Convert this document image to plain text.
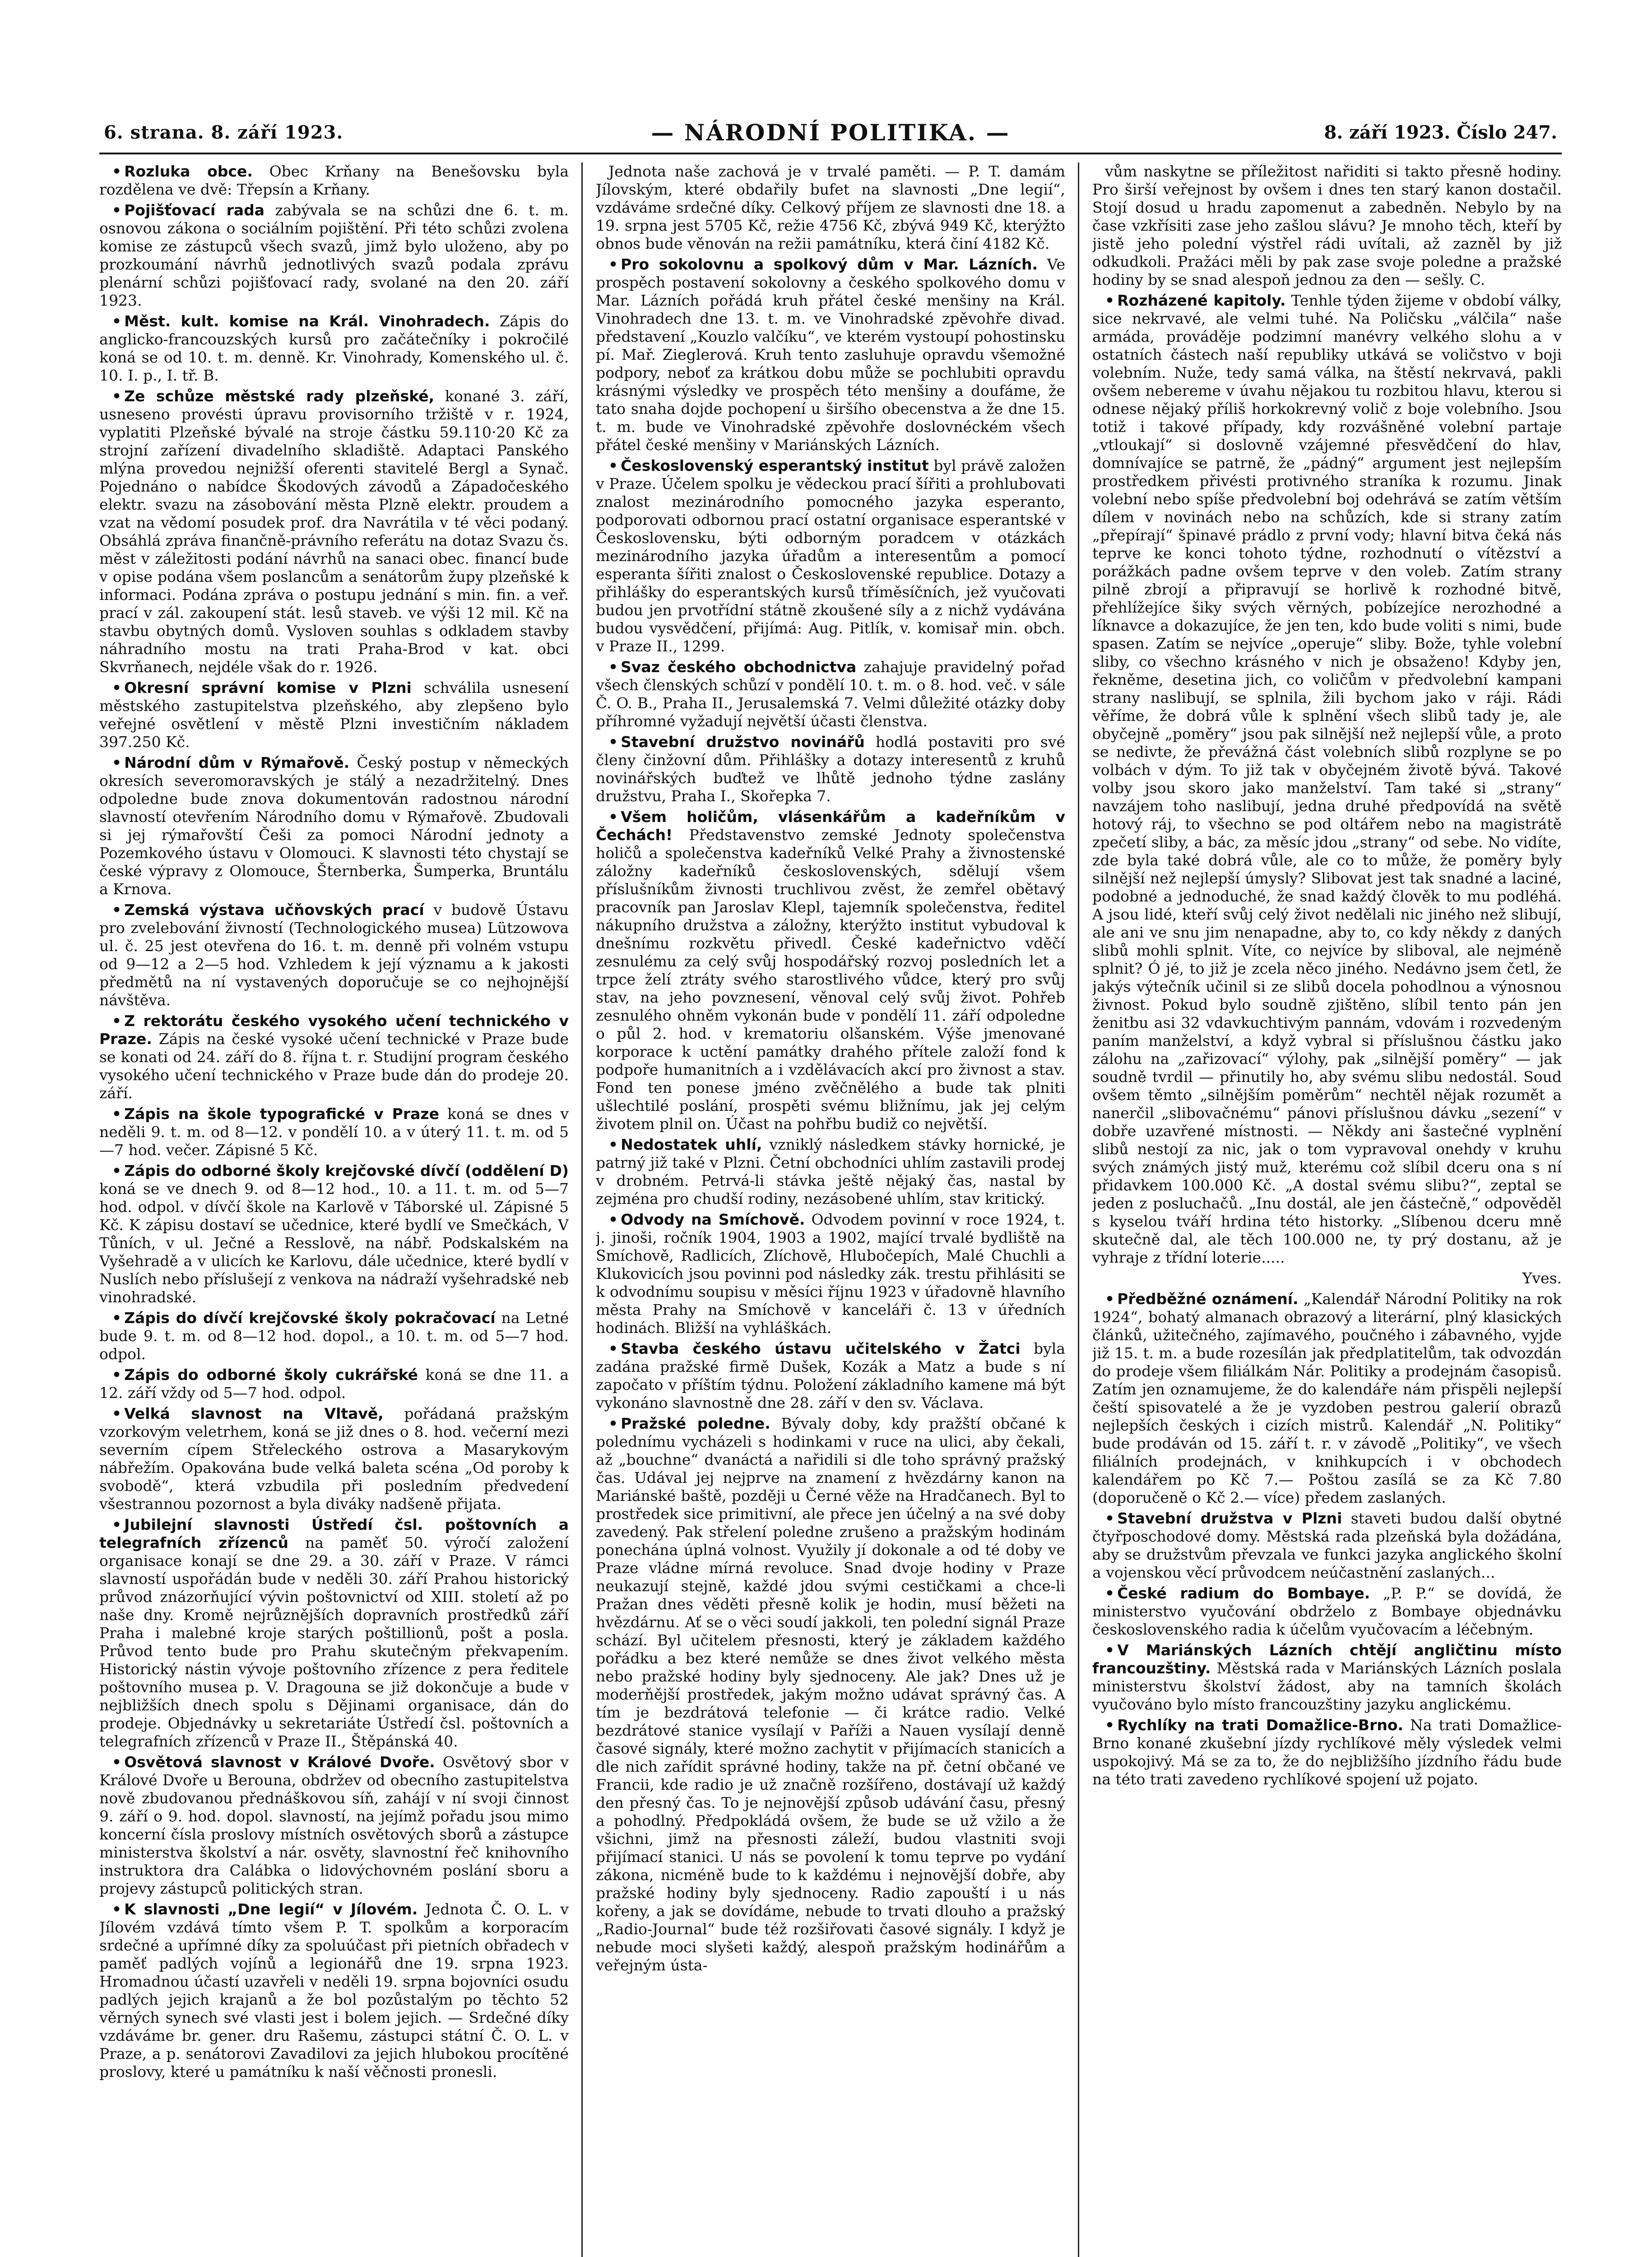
6. strana. 8. září 1923.	— NÁRODNÍ POLITIKA. —	8. září 1923. Číslo 247.

• Rozluka obce. Obec Krňany na Benešovsku byla rozdělena ve dvě: Třepsín a Krňany.

• Pojišťovací rada zabývala se na schůzi dne 6. t. m. osnovou zákona o sociálním pojištění. Při této schůzi zvolena komise ze zástupců všech svazů, jimž bylo uloženo, aby po prozkoumání návrhů jednotlivých svazů podala zprávu plenární schůzi pojišťovací rady, svolané na den 20. září 1923.

• Měst. kult. komise na Král. Vinohradech. Zápis do anglicko-francouzských kursů pro začátečníky i pokročilé koná se od 10. t. m. denně. Kr. Vinohrady, Komenského ul. č. 10. I. p., I. tř. B.

• Ze schůze městské rady plzeňské, konané 3. září, usneseno provésti úpravu provisorního tržiště v r. 1924, vyplatiti Plzeňské bývalé na stroje částku 59.110·20 Kč za strojní zařízení divadelního skladiště. Adaptaci Panského mlýna provedou nejnižší oferenti stavitelé Bergl a Synač. Pojednáno o nabídce Škodových závodů a Západočeského elektr. svazu na zásobování města Plzně elektr. proudem a vzat na vědomí posudek prof. dra Navrátila v té věci podaný. Obsáhlá zpráva finančně-právního referátu na dotaz Svazu čs. měst v záležitosti podání návrhů na sanaci obec. financí bude v opise podána všem poslancům a senátorům župy plzeňské k informaci. Podána zpráva o postupu jednání s min. fin. a veř. prací v zál. zakoupení stát. lesů staveb. ve výši 12 mil. Kč na stavbu obytných domů. Vysloven souhlas s odkladem stavby náhradního mostu na trati Praha-Brod v kat. obci Skvrňanech, nejdéle však do r. 1926.

• Okresní správní komise v Plzni schválila usnesení městského zastupitelstva plzeňského, aby zlepšeno bylo veřejné osvětlení v městě Plzni investičním nákladem 397.250 Kč.

• Národní dům v Rýmařově. Český postup v německých okresích severomoravských je stálý a nezadržitelný. Dnes odpoledne bude znova dokumentován radostnou národní slavností otevřením Národního domu v Rýmařově. Zbudovali si jej rýmařovští Češi za pomoci Národní jednoty a Pozemkového ústavu v Olomouci. K slavnosti této chystají se české výpravy z Olomouce, Šternberka, Šumperka, Bruntálu a Krnova.

• Zemská výstava učňovských prací v budově Ústavu pro zvelebování živností (Technologického musea) Lützowova ul. č. 25 jest otevřena do 16. t. m. denně při volném vstupu od 9—12 a 2—5 hod. Vzhledem k její významu a k jakosti předmětů na ní vystavených doporučuje se co nejhojnější návštěva.

• Z rektorátu českého vysokého učení technického v Praze. Zápis na české vysoké učení technické v Praze bude se konati od 24. září do 8. října t. r. Studijní program českého vysokého učení technického v Praze bude dán do prodeje 20. září.

• Zápis na škole typografické v Praze koná se dnes v neděli 9. t. m. od 8—12. v pondělí 10. a v úterý 11. t. m. od 5—7 hod. večer. Zápisné 5 Kč.

• Zápis do odborné školy krejčovské dívčí (oddělení D) koná se ve dnech 9. od 8—12 hod., 10. a 11. t. m. od 5—7 hod. odpol. v dívčí škole na Karlově v Táborské ul. Zápisné 5 Kč. K zápisu dostaví se učednice, které bydlí ve Smečkách, V Tůních, v ul. Ječné a Resslově, na nábř. Podskalském na Vyšehradě a v ulicích ke Karlovu, dále učednice, které bydlí v Nuslích nebo příslušejí z venkova na nádraží vyšehradské neb vinohradské.

• Zápis do dívčí krejčovské školy pokračovací na Letné bude 9. t. m. od 8—12 hod. dopol., a 10. t. m. od 5—7 hod. odpol.

• Zápis do odborné školy cukrářské koná se dne 11. a 12. září vždy od 5—7 hod. odpol.

• Velká slavnost na Vltavě, pořádaná pražským vzorkovým veletrhem, koná se již dnes o 8. hod. večerní mezi severním cípem Střeleckého ostrova a Masarykovým nábřežím. Opakována bude velká baleta scéna „Od poroby k svobodě“, která vzbudila při posledním předvedení všestrannou pozornost a byla diváky nadšeně přijata.

• Jubilejní slavnosti Ústředí čsl. poštovních a telegrafních zřízenců na paměť 50. výročí založení organisace konají se dne 29. a 30. září v Praze. V rámci slavností uspořádán bude v neděli 30. září Prahou historický průvod znázorňující vývin poštovnictví od XIII. století až po naše dny. Kromě nejrůznějších dopravních prostředků září Praha i malebné kroje starých poštillionů, pošt a posla. Průvod tento bude pro Prahu skutečným překvapením. Historický nástin vývoje poštovního zřízence z pera ředitele poštovního musea p. V. Dragouna se již dokončuje a bude v nejbližších dnech spolu s Dějinami organisace, dán do prodeje. Objednávky u sekretariáte Ústředí čsl. poštovních a telegrafních zřízenců v Praze II., Štěpánská 40.

• Osvětová slavnost v Králové Dvoře. Osvětový sbor v Králové Dvoře u Berouna, obdržev od obecního zastupitelstva nově zbudovanou přednáškovou síň, zahájí v ní svoji činnost 9. září o 9. hod. dopol. slavností, na jejímž pořadu jsou mimo koncerní čísla proslovy místních osvětových sborů a zástupce ministerstva školství a nár. osvěty, slavnostní řeč knihovního instruktora dra Calábka o lidovýchovném poslání sboru a projevy zástupců politických stran.

• K slavnosti „Dne legií“ v Jílovém. Jednota Č. O. L. v Jílovém vzdává tímto všem P. T. spolkům a korporacím srdečné a upřímné díky za spoluúčast při pietních obřadech v paměť padlých vojínů a legionářů dne 19. srpna 1923. Hromadnou účastí uzavřeli v neděli 19. srpna bojovníci osudu padlých jejich krajanů a že bol pozůstalým po těchto 52 věrných synech své vlasti jest i bolem jejich. — Srdečné díky vzdáváme br. gener. dru Rašemu, zástupci státní Č. O. L. v Praze, a p. senátorovi Zavadilovi za jejich hlubokou procítěné proslovy, které u památníku k naší věčnosti pronesli.

Jednota naše zachová je v trvalé paměti. — P. T. damám Jílovským, které obdařily bufet na slavnosti „Dne legií“, vzdáváme srdečné díky. Celkový příjem ze slavnosti dne 18. a 19. srpna jest 5705 Kč, režie 4756 Kč, zbývá 949 Kč, kterýžto obnos bude věnován na režii památníku, která činí 4182 Kč.

• Pro sokolovnu a spolkový dům v Mar. Lázních. Ve prospěch postavení sokolovny a českého spolkového domu v Mar. Lázních pořádá kruh přátel české menšiny na Král. Vinohradech dne 13. t. m. ve Vinohradské zpěvohře divad. představení „Kouzlo valčíku“, ve kterém vystoupí pohostinsku pí. Mař. Zieglerová. Kruh tento zasluhuje opravdu všemožné podpory, neboť za krátkou dobu může se pochlubiti opravdu krásnými výsledky ve prospěch této menšiny a doufáme, že tato snaha dojde pochopení u širšího obecenstva a že dne 15. t. m. bude ve Vinohradské zpěvohře doslovnéckém všech přátel české menšiny v Mariánských Lázních.

• Československý esperantský institut byl právě založen v Praze. Účelem spolku je vědeckou prací šířiti a prohlubovati znalost mezinárodního pomocného jazyka esperanto, podporovati odbornou prací ostatní organisace esperantské v Československu, býti odborným poradcem v otázkách mezinárodního jazyka úřadům a interesentům a pomocí esperanta šířiti znalost o Československé republice. Dotazy a přihlášky do esperantských kursů tříměsíčních, jež vyučovati budou jen prvotřídní státně zkoušené síly a z nichž vydávána budou vysvědčení, přijímá: Aug. Pitlík, v. komisař min. obch. v Praze II., 1299.

• Svaz českého obchodnictva zahajuje pravidelný pořad všech členských schůzí v pondělí 10. t. m. o 8. hod. več. v sále Č. O. B., Praha II., Jerusalemská 7. Velmi důležité otázky doby příhromné vyžadují největší účasti členstva.

• Stavební družstvo novinářů hodlá postaviti pro své členy činžovní dům. Přihlášky a dotazy interesentů z kruhů novinářských buďtež ve lhůtě jednoho týdne zaslány družstvu, Praha I., Skořepka 7.

• Všem holičům, vlásenkářům a kadeřníkům v Čechách! Představenstvo zemské Jednoty společenstva holičů a společenstva kadeřníků Velké Prahy a živnostenské záložny kadeřníků československých, sdělují všem příslušníkům živnosti truchlivou zvěst, že zemřel obětavý pracovník pan Jaroslav Klepl, tajemník společenstva, ředitel nákupního družstva a záložny, kterýžto institut vybudoval k dnešnímu rozkvětu přivedl. České kadeřnictvo vděčí zesnulému za celý svůj hospodářský rozvoj posledních let a trpce želí ztráty svého starostlivého vůdce, který pro svůj stav, na jeho povznesení, věnoval celý svůj život. Pohřeb zesnulého ohněm vykonán bude v pondělí 11. září odpoledne o půl 2. hod. v krematoriu olšanském. Výše jmenované korporace k uctění památky drahého přítele založí fond k podpoře humanitních a i vzdělávacích akcí pro živnost a stav. Fond ten ponese jméno zvěčnělého a bude tak plniti ušlechtilé poslání, prospěti svému bližnímu, jak jej celým životem plnil on. Účast na pohřbu budiž co největší.

• Nedostatek uhlí, vzniklý následkem stávky hornické, je patrný již také v Plzni. Četní obchodníci uhlím zastavili prodej v drobném. Petrvá-li stávka ještě nějaký čas, nastal by zejména pro chudší rodiny, nezásobené uhlím, stav kritický.

• Odvody na Smíchově. Odvodem povinní v roce 1924, t. j. jinoši, ročník 1904, 1903 a 1902, mající trvalé bydliště na Smíchově, Radlicích, Zlíchově, Hlubočepích, Malé Chuchli a Klukovicích jsou povinni pod následky zák. trestu přihlásiti se k odvodnímu soupisu v měsíci říjnu 1923 v úřadovně hlavního města Prahy na Smíchově v kanceláři č. 13 v úředních hodinách. Bližší na vyhláškách.

• Stavba českého ústavu učitelského v Žatci byla zadána pražské firmě Dušek, Kozák a Matz a bude s ní započato v příštím týdnu. Položení základního kamene má být vykonáno slavnostně dne 28. září v den sv. Václava.

• Pražské poledne. Bývaly doby, kdy pražští občané k polednímu vycházeli s hodinkami v ruce na ulici, aby čekali, až „bouchne“ dvanáctá a nařidili si dle toho správný pražský čas. Udával jej nejprve na znamení z hvězdárny kanon na Mariánské baště, později u Černé věže na Hradčanech. Byl to prostředek sice primitivní, ale přece jen účelný a na své doby zavedený. Pak střelení poledne zrušeno a pražským hodinám ponechána úplná volnost. Využily jí dokonale a od té doby ve Praze vládne mírná revoluce. Snad dvoje hodiny v Praze neukazují stejně, každé jdou svými cestičkami a chce-li Pražan dnes věděti přesně kolik je hodin, musí běžeti na hvězdárnu. Ať se o věci soudí jakkoli, ten polední signál Praze schází. Byl učitelem přesnosti, který je základem každého pořádku a bez které nemůže se dnes život velkého města nebo pražské hodiny byly sjednoceny. Ale jak? Dnes už je moderňější prostředek, jakým možno udávat správný čas. A tím je bezdrátová telefonie — či krátce radio. Velké bezdrátové stanice vysílají v Paříži a Nauen vysílají denně časové signály, které možno zachytit v přijímacích stanicích a dle nich zařídit správné hodiny, takže na př. četní občané ve Francii, kde radio je už značně rozšířeno, dostávají už každý den přesný čas. To je nejnovější způsob udávání času, přesný a pohodlný. Předpokládá ovšem, že bude se už vžilo a že všichni, jimž na přesnosti záleží, budou vlastniti svoji přijímací stanici. U nás se povolení k tomu teprve po vydání zákona, nicméně bude to k každému i nejnovější dobře, aby pražské hodiny byly sjednoceny. Radio zapouští i u nás kořeny, a jak se dovídáme, nebude to trvati dlouho a pražský „Radio-Journal“ bude též rozšiřovati časové signály. I když je nebude moci slyšeti každý, alespoň pražským hodinářům a veřejným ústa-

vům naskytne se příležitost nařiditi si takto přesně hodiny. Pro širší veřejnost by ovšem i dnes ten starý kanon dostačil. Stojí dosud u hradu zapomenut a zabedněn. Nebylo by na čase vzkřísiti zase jeho zašlou slávu? Je mnoho těch, kteří by jistě jeho polední výstřel rádi uvítali, až zazněl by již odkudkoli. Pražáci měli by pak zase svoje poledne a pražské hodiny by se snad alespoň jednou za den — sešly. C.

• Rozházené kapitoly. Tenhle týden žijeme v období války, sice nekrvavé, ale velmi tuhé. Na Poličsku „válčila“ naše armáda, prováděje podzimní manévry velkého slohu a v ostatních částech naší republiky utkává se voličstvo v boji volebním. Nuže, tedy samá válka, na štěstí nekrvavá, pakli ovšem nebereme v úvahu nějakou tu rozbitou hlavu, kterou si odnese nějaký příliš horkokrevný volič z boje volebního. Jsou totiž i takové případy, kdy rozvášněné volební partaje „vtloukají“ si doslovně vzájemné přesvědčení do hlav, domnívajíce se patrně, že „pádný“ argument jest nejlepším prostředkem přivésti protivného straníka k rozumu. Jinak volební nebo spíše předvolební boj odehrává se zatím větším dílem v novinách nebo na schůzích, kde si strany zatím „přepírají“ špinavé prádlo z první vody; hlavní bitva čeká nás teprve ke konci tohoto týdne, rozhodnutí o vítězství a porážkách padne ovšem teprve v den voleb. Zatím strany pilně zbrojí a připravují se horlivě k rozhodné bitvě, přehlížejíce šiky svých věrných, pobízejíce nerozhodné a líknavce a dokazujíce, že jen ten, kdo bude voliti s nimi, bude spasen. Zatím se nejvíce „operuje“ sliby. Bože, tyhle volební sliby, co všechno krásného v nich je obsaženo! Kdyby jen, řekněme, desetina jich, co voličům v předvolební kampani strany naslibují, se splnila, žili bychom jako v ráji. Rádi věříme, že dobrá vůle k splnění všech slibů tady je, ale obyčejně „poměry“ jsou pak silnější než nejlepší vůle, a proto se nedivte, že převážná část volebních slibů rozplyne se po volbách v dým. To již tak v obyčejném životě bývá. Takové volby jsou skoro jako manželství. Tam také si „strany“ navzájem toho naslibují, jedna druhé předpovídá na světě hotový ráj, to všechno se pod oltářem nebo na magistrátě zpečetí sliby, a bác, za měsíc jdou „strany“ od sebe. No vidíte, zde byla také dobrá vůle, ale co to může, že poměry byly silnější než nejlepší úmysly? Slibovat jest tak snadné a laciné, podobné a jednoduché, že snad každý člověk to mu podléhá. A jsou lidé, kteří svůj celý život nedělali nic jiného než slibují, ale ani ve snu jim nenapadne, aby to, co kdy někdy z daných slibů mohli splnit. Víte, co nejvíce by sliboval, ale nejméně splnit? Ó jé, to již je zcela něco jiného. Nedávno jsem četl, že jakýs výtečník učinil si ze slibů docela pohodlnou a výnosnou živnost. Pokud bylo soudně zjištěno, slíbil tento pán jen ženitbu asi 32 vdavkuchtivým pannám, vdovám i rozvedeným paním manželství, a když vybral si příslušnou částku jako zálohu na „zařizovací“ výlohy, pak „silnější poměry“ — jak soudně tvrdil — přinutily ho, aby svému slibu nedostál. Soud ovšem těmto „silnějším poměrům“ nechtěl nějak rozumět a nanerčil „slibovačnému“ pánovi příslušnou dávku „sezení“ v dobře uzavřené místnosti. — Někdy ani šastečné vyplnění slibů nestojí za nic, jak o tom vypravoval onehdy v kruhu svých známých jistý muž, kterému což slíbil dceru ona s ní přidavkem 100.000 Kč. „A dostal svému slibu?“, zeptal se jeden z posluchačů. „Inu dostál, ale jen částečně,“ odpověděl s kyselou tváří hrdina této historky. „Slíbenou dceru mně skutečně dal, ale těch 100.000 ne, ty prý dostanu, až je vyhraje z třídní loterie.....

Yves.

• Předběžné oznámení. „Kalendář Národní Politiky na rok 1924“, bohatý almanach obrazový a literární, plný klasických článků, užitečného, zajímavého, poučného i zábavného, vyjde již 15. t. m. a bude rozesílán jak předplatitelům, tak odvozdán do prodeje všem filiálkám Nár. Politiky a prodejnám časopisů. Zatím jen oznamujeme, že do kalendáře nám přispěli nejlepší čeští spisovatelé a že je vyzdoben pestrou galerií obrazů nejlepších českých i cizích mistrů. Kalendář „N. Politiky“ bude prodáván od 15. září t. r. v závodě „Politiky“, ve všech filiálních prodejnách, v knihkupcích i v obchodech kalendářem po Kč 7.— Poštou zasílá se za Kč 7.80 (doporučeně o Kč 2.— více) předem zaslaných.

• Stavební družstva v Plzni staveti budou další obytné čtyřposchodové domy. Městská rada plzeňská byla dožádána, aby se družstvům převzala ve funkci jazyka anglického školní a vojenskou věcí průvodcem neúčastnění zaslaných...

• České radium do Bombaye. „P. P.“ se dovídá, že ministerstvo vyučování obdrželo z Bombaye objednávku československého radia k účelům vyučovacím a léčebným.

• V Mariánských Lázních chtějí angličtinu místo francouzštiny. Městská rada v Mariánských Lázních poslala ministerstvu školství žádost, aby na tamních školách vyučováno bylo místo francouzštiny jazyku anglickému.

• Rychlíky na trati Domažlice-Brno. Na trati Domažlice-Brno konané zkušební jízdy rychlíkové měly výsledek velmi uspokojivý. Má se za to, že do nejbližšího jízdního řádu bude na této trati zavedeno rychlíkové spojení už pojato.
